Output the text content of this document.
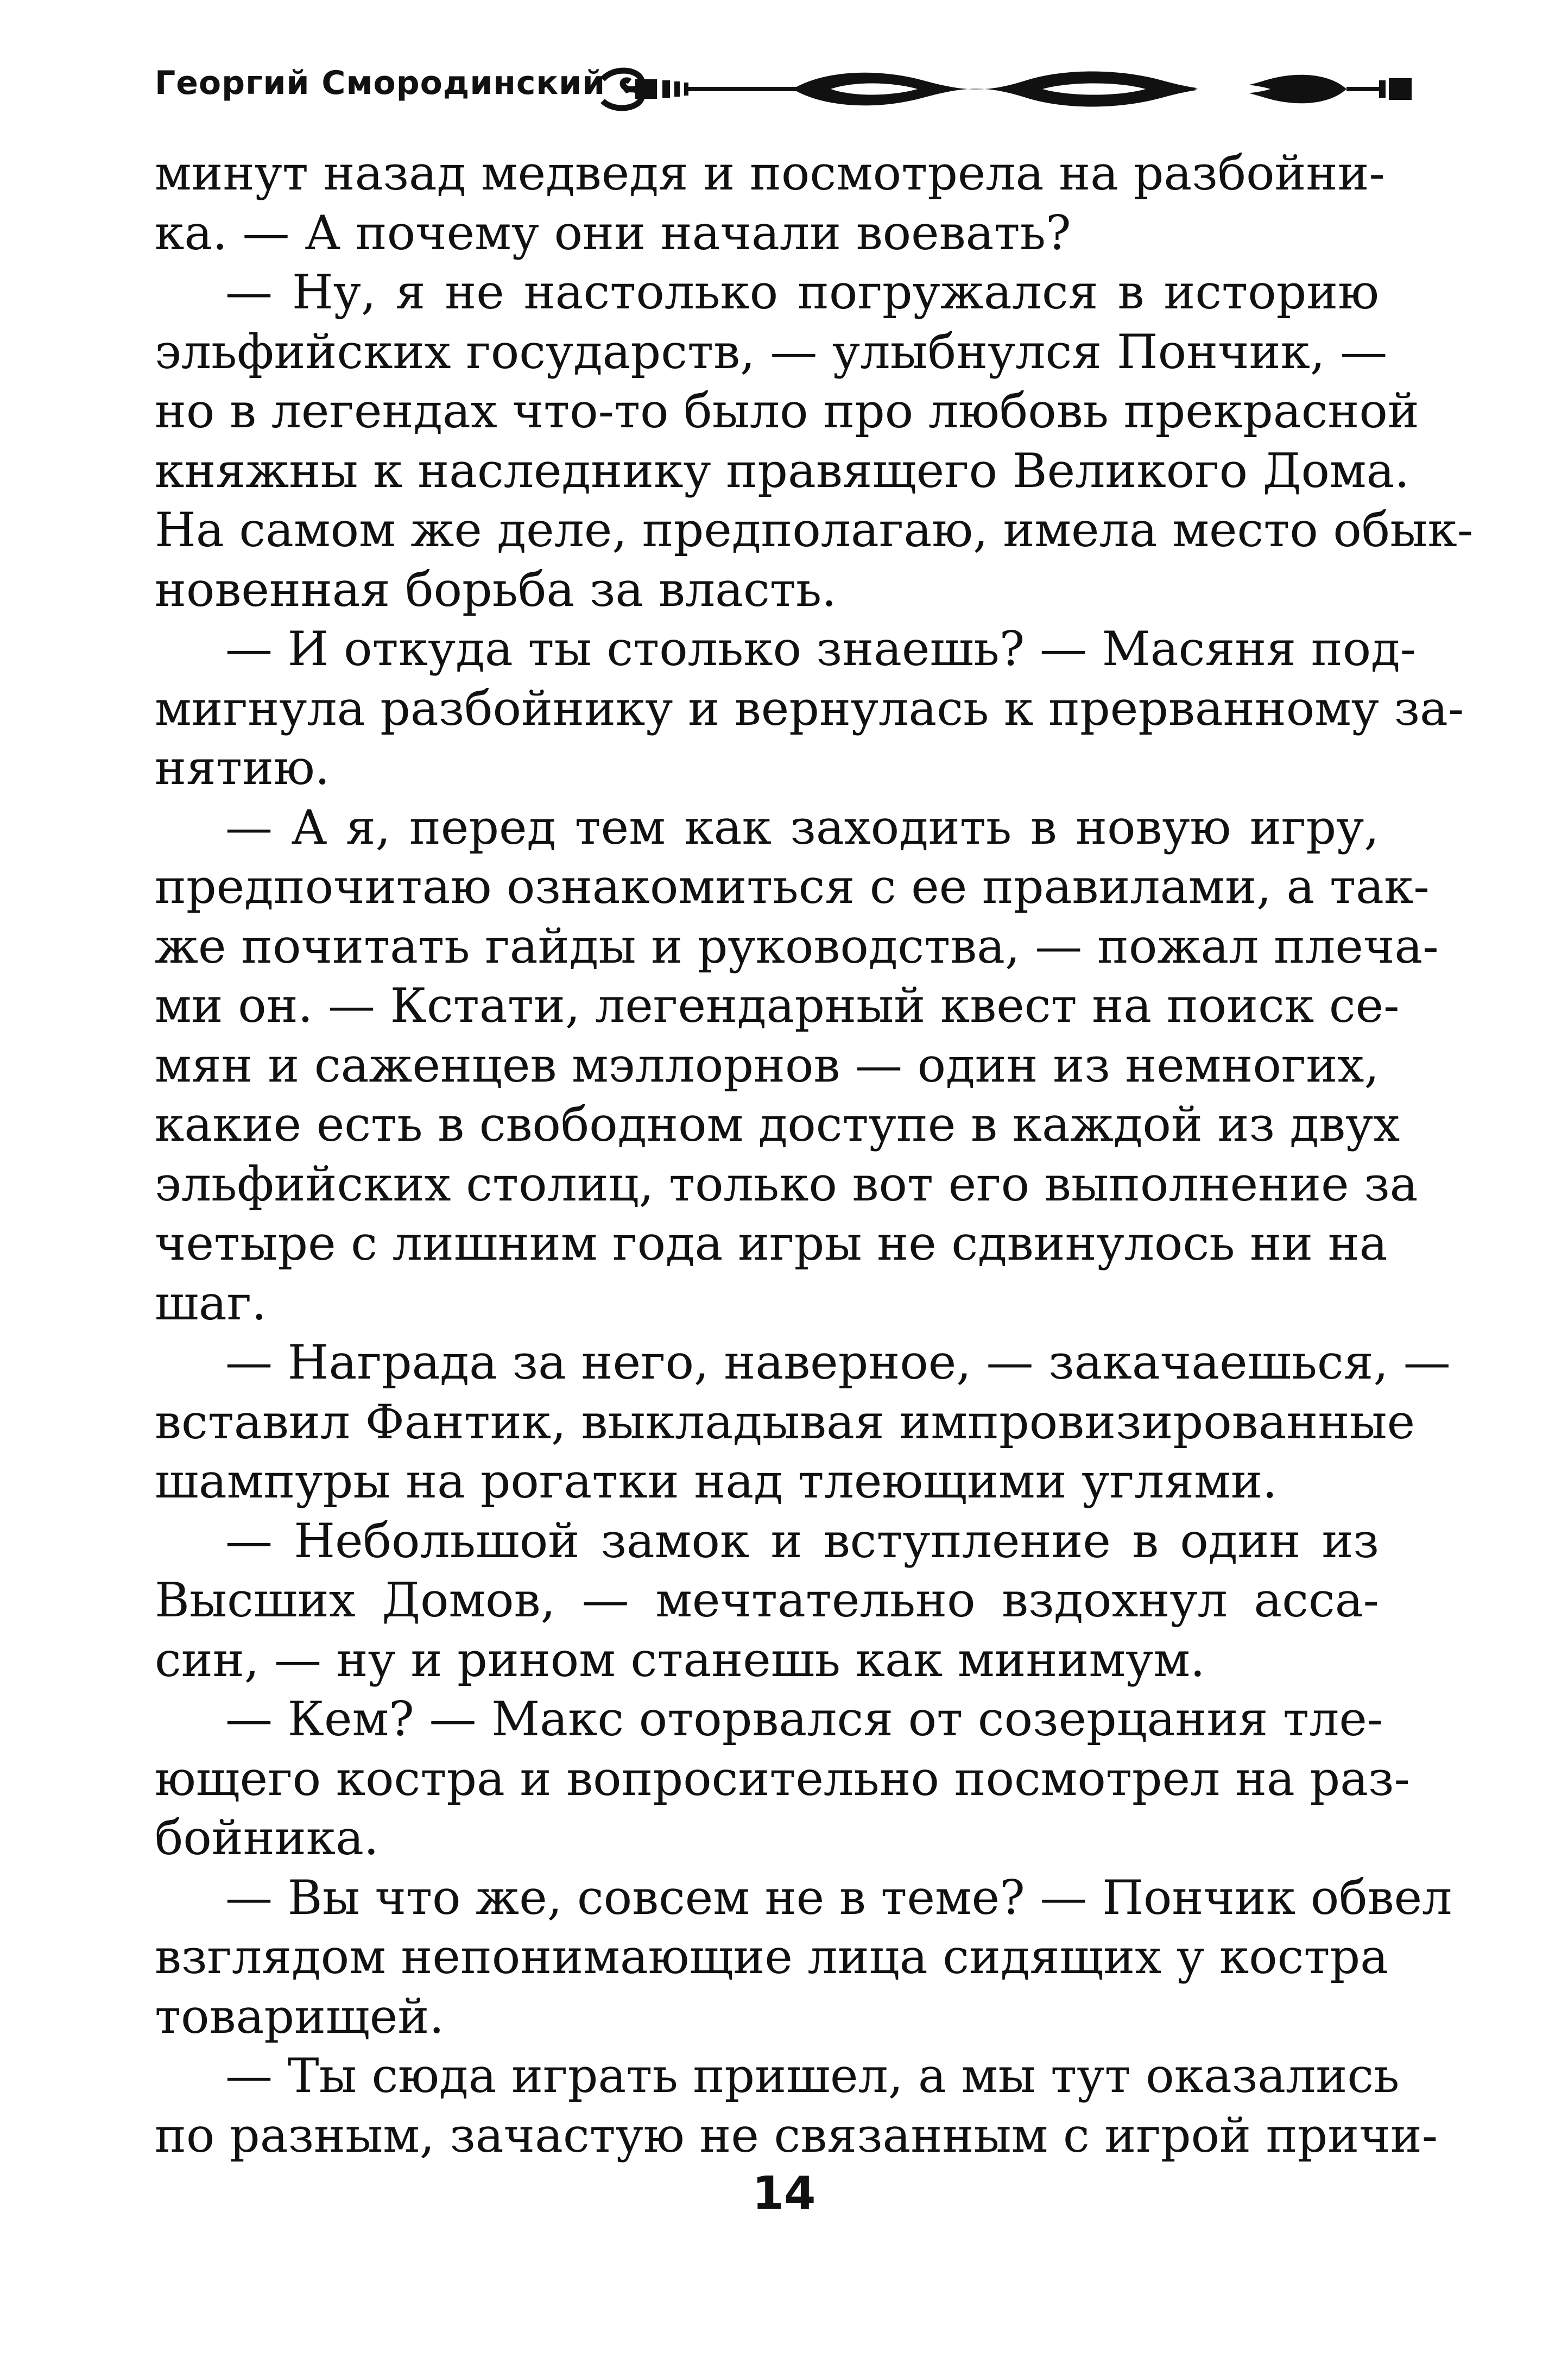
Георгий Смородинский
минут назад медведя и посмотрела на разбойни-
ка. — А почему они начали воевать?
— Ну, я не настолько погружался в историю
эльфийских государств, — улыбнулся Пончик, —
но в легендах что-то было про любовь прекрасной
княжны к наследнику правящего Великого Дома.
На самом же деле, предполагаю, имела место обык-
новенная борьба за власть.
— И откуда ты столько знаешь? — Масяня под-
мигнула разбойнику и вернулась к прерванному за-
нятию.
— А я, перед тем как заходить в новую игру,
предпочитаю ознакомиться с ее правилами, а так-
же почитать гайды и руководства, — пожал плеча-
ми он. — Кстати, легендарный квест на поиск се-
мян и саженцев мэллорнов — один из немногих,
какие есть в свободном доступе в каждой из двух
эльфийских столиц, только вот его выполнение за
четыре с лишним года игры не сдвинулось ни на
шаг.
— Награда за него, наверное, — закачаешься, —
вставил Фантик, выкладывая импровизированные
шампуры на рогатки над тлеющими углями.
— Небольшой замок и вступление в один из
Высших Домов, — мечтательно вздохнул асса-
син, — ну и рином станешь как минимум.
— Кем? — Макс оторвался от созерцания тле-
ющего костра и вопросительно посмотрел на раз-
бойника.
— Вы что же, совсем не в теме? — Пончик обвел
взглядом непонимающие лица сидящих у костра
товарищей.
— Ты сюда играть пришел, а мы тут оказались
по разным, зачастую не связанным с игрой причи-
14
